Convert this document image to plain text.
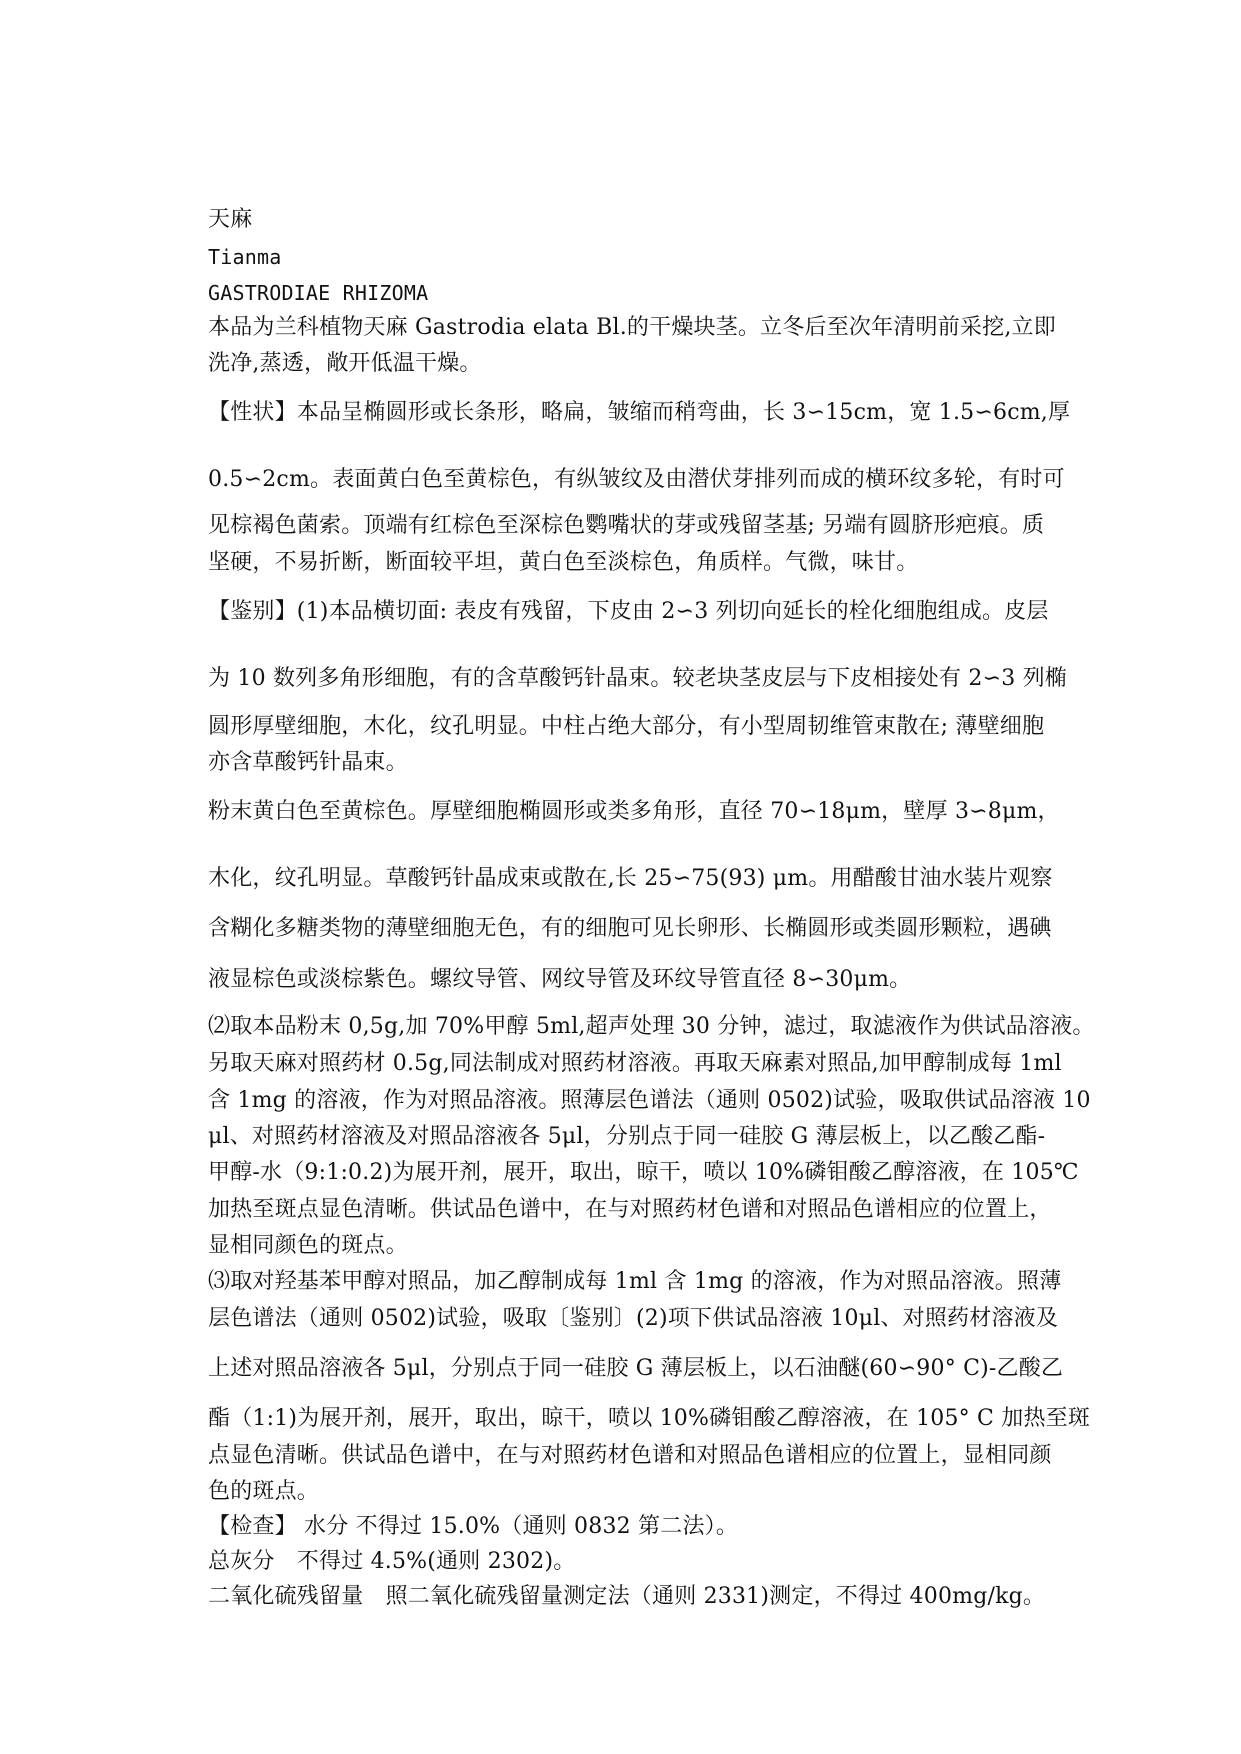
天麻
Tianma
GASTRODIAE RHIZOMA
本品为兰科植物天麻 Gastrodia elata Bl.的干燥块茎。立冬后至次年清明前采挖,立即
洗净,蒸透，敞开低温干燥。
【性状】本品呈椭圆形或长条形，略扁，皱缩而稍弯曲，长 3∽15cm，宽 1.5∽6cm,厚
0.5∽2cm。表面黄白色至黄棕色，有纵皱纹及由潜伏芽排列而成的横环纹多轮，有时可
见棕褐色菌索。顶端有红棕色至深棕色鹦嘴状的芽或残留茎基; 另端有圆脐形疤痕。质
坚硬，不易折断，断面较平坦，黄白色至淡棕色，角质样。气微，味甘。
【鉴别】(1)本品横切面: 表皮有残留，下皮由 2∽3 列切向延长的栓化细胞组成。皮层
为 10 数列多角形细胞，有的含草酸钙针晶束。较老块茎皮层与下皮相接处有 2∽3 列椭
圆形厚壁细胞，木化，纹孔明显。中柱占绝大部分，有小型周韧维管束散在; 薄壁细胞
亦含草酸钙针晶束。
粉末黄白色至黄棕色。厚壁细胞椭圆形或类多角形，直径 70∽18μm，壁厚 3∽8μm，
木化，纹孔明显。草酸钙针晶成束或散在,长 25∽75(93) μm。用醋酸甘油水装片观察
含糊化多糖类物的薄壁细胞无色，有的细胞可见长卵形、长椭圆形或类圆形颗粒，遇碘
液显棕色或淡棕紫色。螺纹导管、网纹导管及环纹导管直径 8∽30μm。
⑵取本品粉末 0,5g,加 70%甲醇 5ml,超声处理 30 分钟，滤过，取滤液作为供试品溶液。
另取天麻对照药材 0.5g,同法制成对照药材溶液。再取天麻素对照品,加甲醇制成每 1ml
含 1mg 的溶液，作为对照品溶液。照薄层色谱法（通则 0502)试验，吸取供试品溶液 10
μl、对照药材溶液及对照品溶液各 5μl，分别点于同一硅胶 G 薄层板上，以乙酸乙酯-
甲醇-水（9:1:0.2)为展开剂，展开，取出，晾干，喷以 10%磷钼酸乙醇溶液，在 105℃
加热至斑点显色清晰。供试品色谱中，在与对照药材色谱和对照品色谱相应的位置上，
显相同颜色的斑点。
⑶取对羟基苯甲醇对照品，加乙醇制成每 1ml 含 1mg 的溶液，作为对照品溶液。照薄
层色谱法（通则 0502)试验，吸取〔鉴别〕(2)项下供试品溶液 10μl、对照药材溶液及
上述对照品溶液各 5μl，分别点于同一硅胶 G 薄层板上，以石油醚(60∽90° C)-乙酸乙
酯（1:1)为展开剂，展开，取出，晾干，喷以 10%磷钼酸乙醇溶液，在 105° C 加热至斑
点显色清晰。供试品色谱中，在与对照药材色谱和对照品色谱相应的位置上，显相同颜
色的斑点。
【检查】 水分 不得过 15.0%（通则 0832 第二法）。
总灰分　不得过 4.5%(通则 2302)。
二氧化硫残留量　照二氧化硫残留量测定法（通则 2331)测定，不得过 400mg/kg。
